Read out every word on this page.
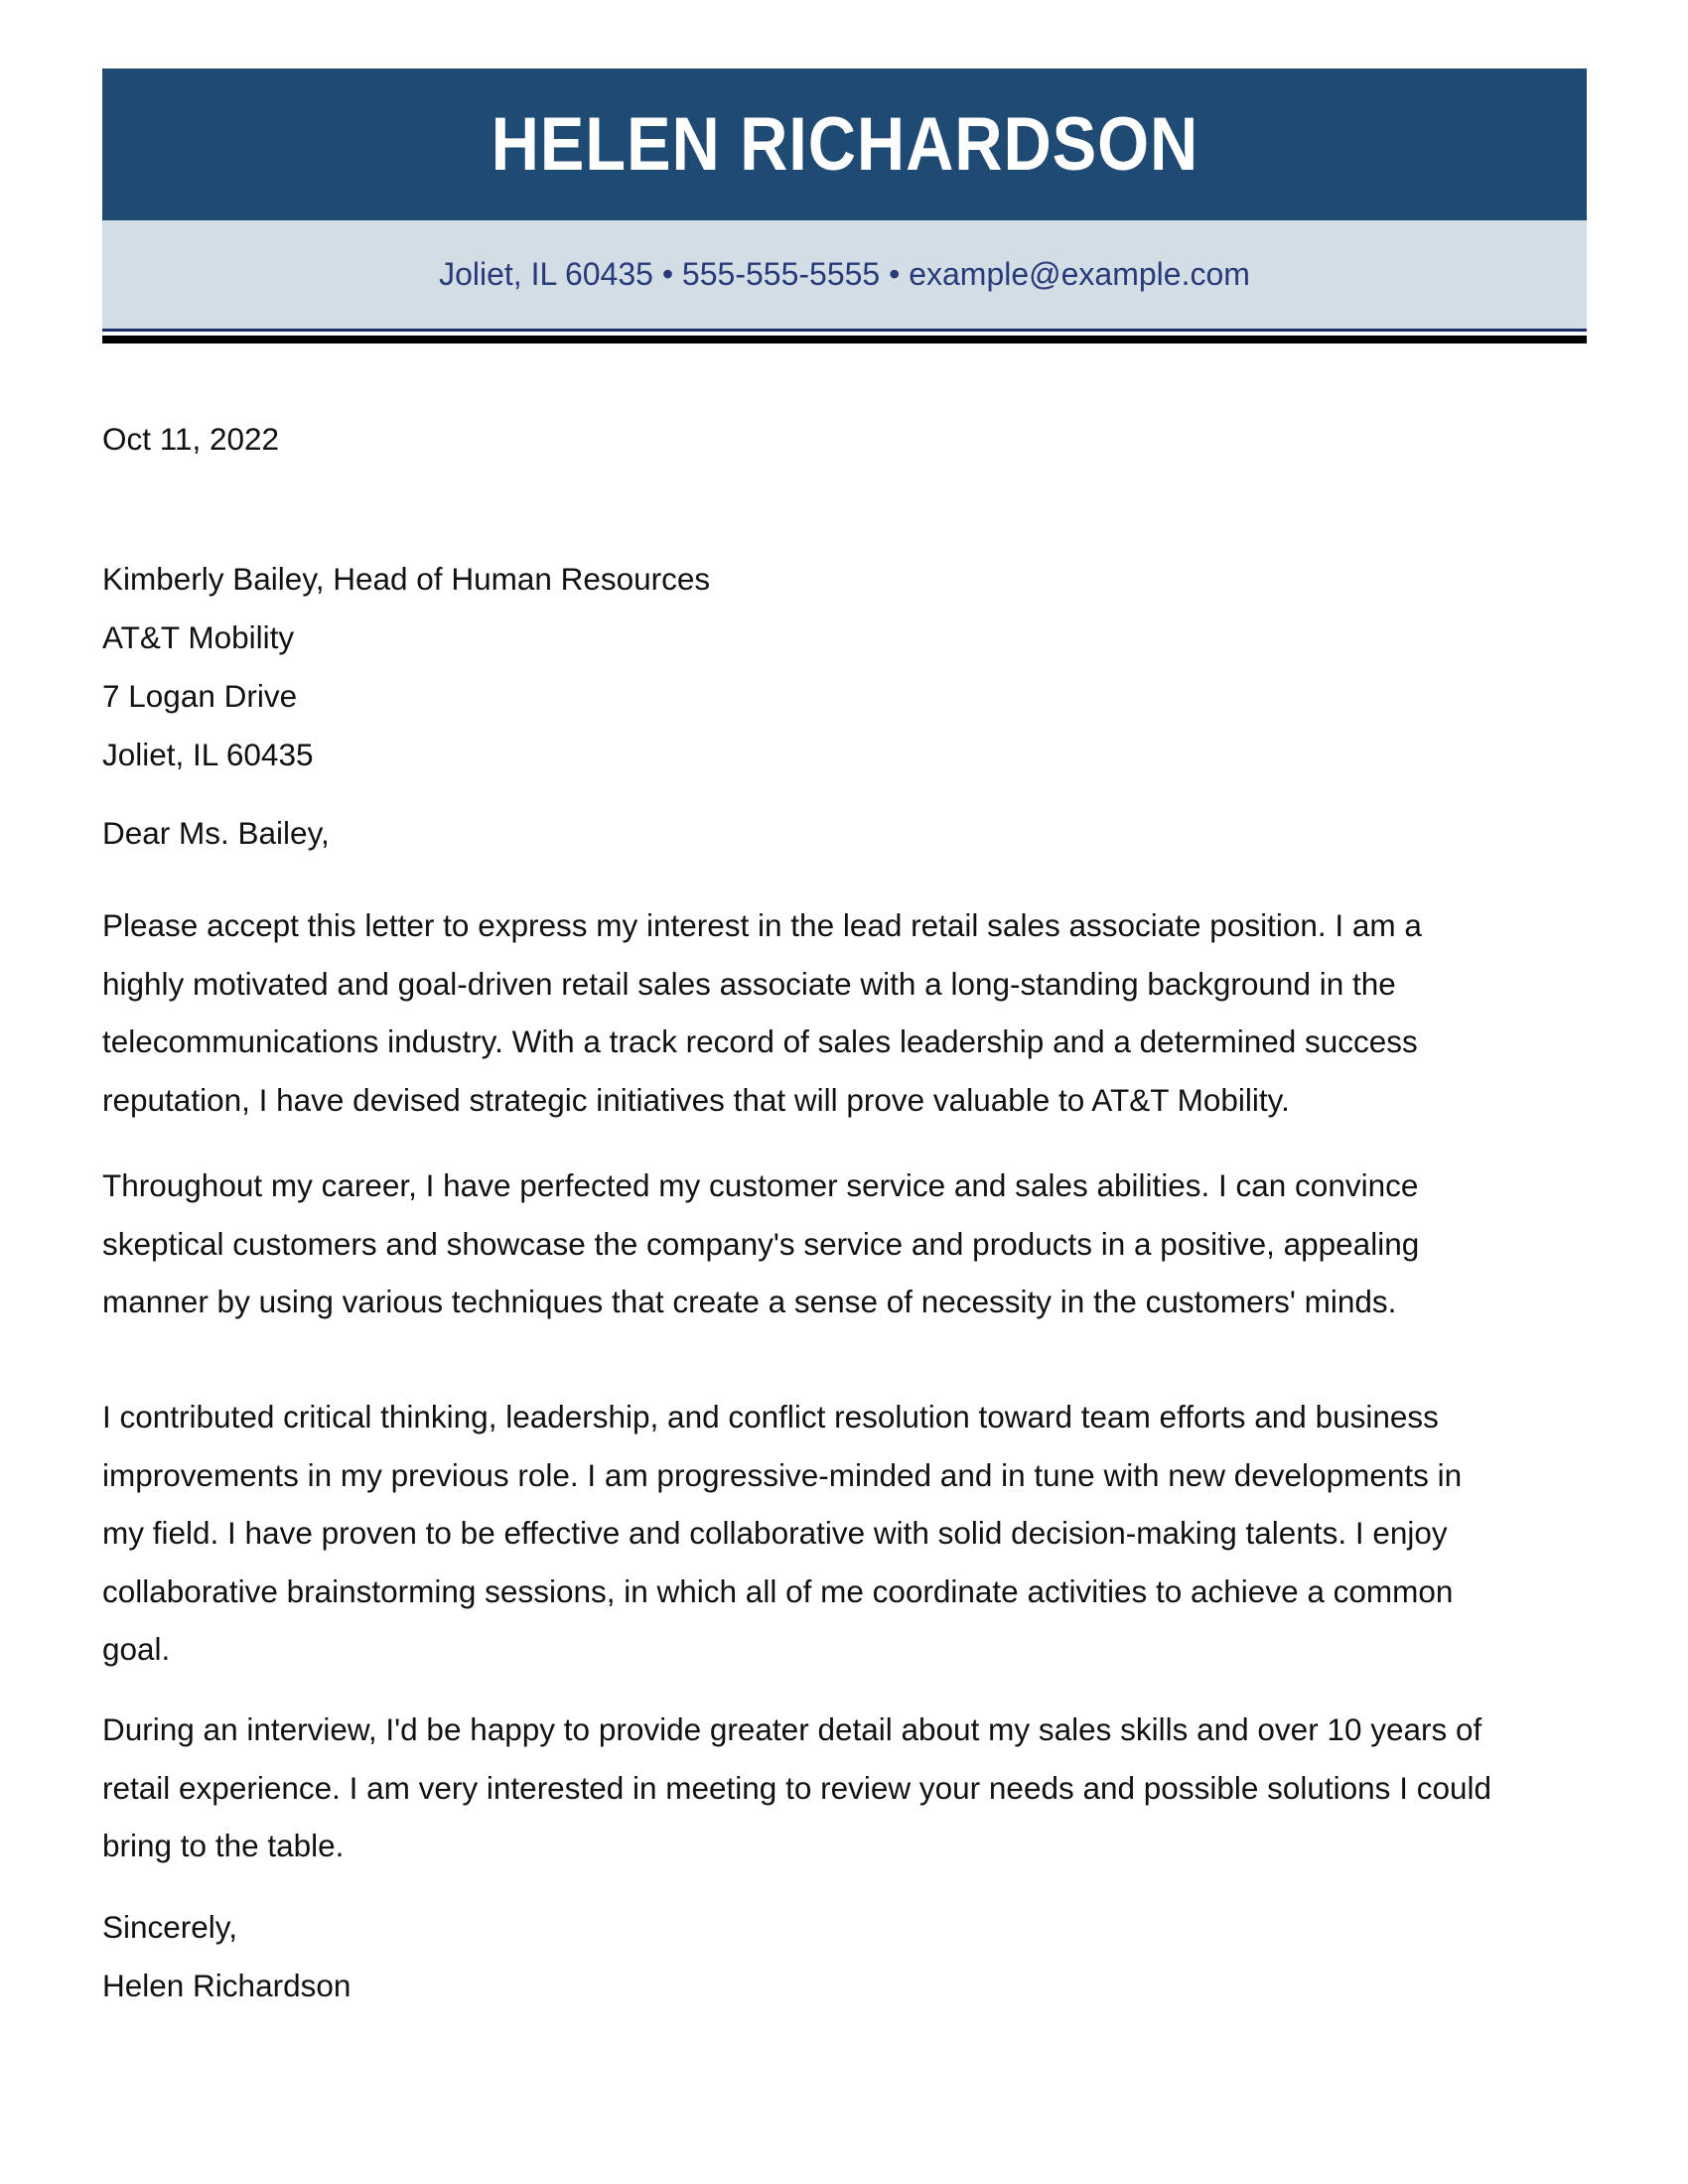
HELEN RICHARDSON
Joliet, IL 60435 • 555-555-5555 • example@example.com
Oct 11, 2022
Kimberly Bailey, Head of Human Resources
AT&T Mobility
7 Logan Drive
Joliet, IL 60435
Dear Ms. Bailey,
Please accept this letter to express my interest in the lead retail sales associate position. I am a
highly motivated and goal-driven retail sales associate with a long-standing background in the
telecommunications industry. With a track record of sales leadership and a determined success
reputation, I have devised strategic initiatives that will prove valuable to AT&T Mobility.
Throughout my career, I have perfected my customer service and sales abilities. I can convince
skeptical customers and showcase the company's service and products in a positive, appealing
manner by using various techniques that create a sense of necessity in the customers' minds.
I contributed critical thinking, leadership, and conflict resolution toward team efforts and business
improvements in my previous role. I am progressive-minded and in tune with new developments in
my field. I have proven to be effective and collaborative with solid decision-making talents. I enjoy
collaborative brainstorming sessions, in which all of me coordinate activities to achieve a common
goal.
During an interview, I'd be happy to provide greater detail about my sales skills and over 10 years of
retail experience. I am very interested in meeting to review your needs and possible solutions I could
bring to the table.
Sincerely,
Helen Richardson
